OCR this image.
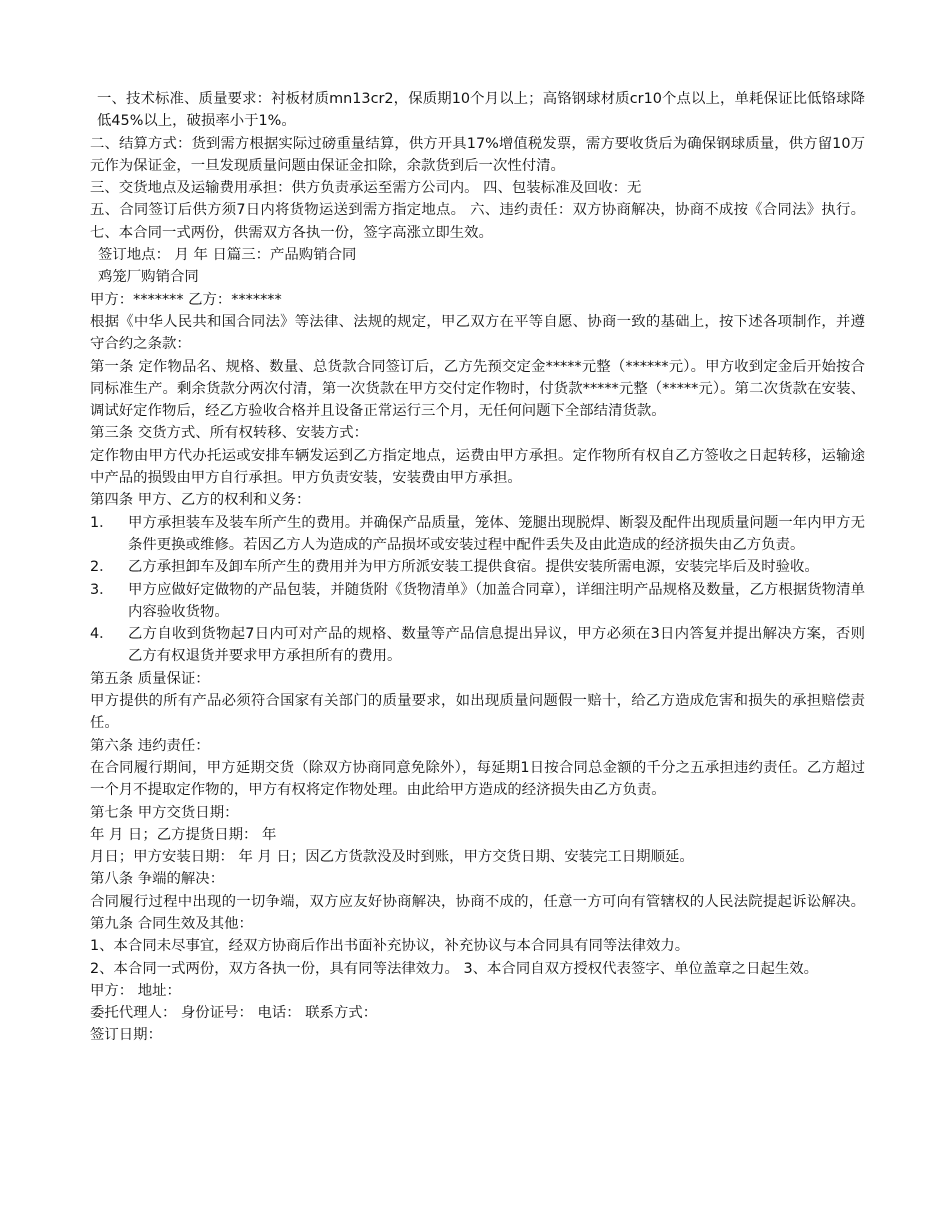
一、技术标准、质量要求：衬板材质mn13cr2，保质期10个月以上；高铬钢球材质cr10个点以上，单耗保证比低铬球降低45%以上，破损率小于1%。

二、结算方式：货到需方根据实际过磅重量结算，供方开具17%增值税发票，需方要收货后为确保钢球质量，供方留10万元作为保证金，一旦发现质量问题由保证金扣除，余款货到后一次性付清。

三、交货地点及运输费用承担：供方负责承运至需方公司内。 四、包装标准及回收：无

五、合同签订后供方须7日内将货物运送到需方指定地点。 六、违约责任：双方协商解决，协商不成按《合同法》执行。 七、本合同一式两份，供需双方各执一份，签字高涨立即生效。

签订地点： 月 年 日篇三：产品购销合同

鸡笼厂购销合同

甲方：******* 乙方：*******

根据《中华人民共和国合同法》等法律、法规的规定，甲乙双方在平等自愿、协商一致的基础上，按下述各项制作，并遵守合约之条款：

第一条 定作物品名、规格、数量、总货款合同签订后，乙方先预交定金*****元整（******元）。甲方收到定金后开始按合同标准生产。剩余货款分两次付清，第一次货款在甲方交付定作物时，付货款*****元整（*****元）。第二次货款在安装、调试好定作物后，经乙方验收合格并且设备正常运行三个月，无任何问题下全部结清货款。

第三条 交货方式、所有权转移、安装方式：

定作物由甲方代办托运或安排车辆发运到乙方指定地点，运费由甲方承担。定作物所有权自乙方签收之日起转移，运输途中产品的损毁由甲方自行承担。甲方负责安装，安装费由甲方承担。

第四条 甲方、乙方的权利和义务：

1．	甲方承担装车及装车所产生的费用。并确保产品质量，笼体、笼腿出现脱焊、断裂及配件出现质量问题一年内甲方无条件更换或维修。若因乙方人为造成的产品损坏或安装过程中配件丢失及由此造成的经济损失由乙方负责。
2．	乙方承担卸车及卸车所产生的费用并为甲方所派安装工提供食宿。提供安装所需电源，安装完毕后及时验收。
3．	甲方应做好定做物的产品包装，并随货附《货物清单》（加盖合同章），详细注明产品规格及数量，乙方根据货物清单内容验收货物。
4．	乙方自收到货物起7日内可对产品的规格、数量等产品信息提出异议，甲方必须在3日内答复并提出解决方案，否则乙方有权退货并要求甲方承担所有的费用。

第五条 质量保证：

甲方提供的所有产品必须符合国家有关部门的质量要求，如出现质量问题假一赔十，给乙方造成危害和损失的承担赔偿责任。

第六条 违约责任：

在合同履行期间，甲方延期交货（除双方协商同意免除外），每延期1日按合同总金额的千分之五承担违约责任。乙方超过一个月不提取定作物的，甲方有权将定作物处理。由此给甲方造成的经济损失由乙方负责。

第七条 甲方交货日期：

年 月 日；乙方提货日期： 年

月日；甲方安装日期： 年 月 日；因乙方货款没及时到账，甲方交货日期、安装完工日期顺延。

第八条 争端的解决：

合同履行过程中出现的一切争端，双方应友好协商解决，协商不成的，任意一方可向有管辖权的人民法院提起诉讼解决。第九条 合同生效及其他：

1、本合同未尽事宜，经双方协商后作出书面补充协议，补充协议与本合同具有同等法律效力。

2、本合同一式两份，双方各执一份，具有同等法律效力。 3、本合同自双方授权代表签字、单位盖章之日起生效。

甲方： 地址：

委托代理人： 身份证号： 电话： 联系方式：

签订日期：
